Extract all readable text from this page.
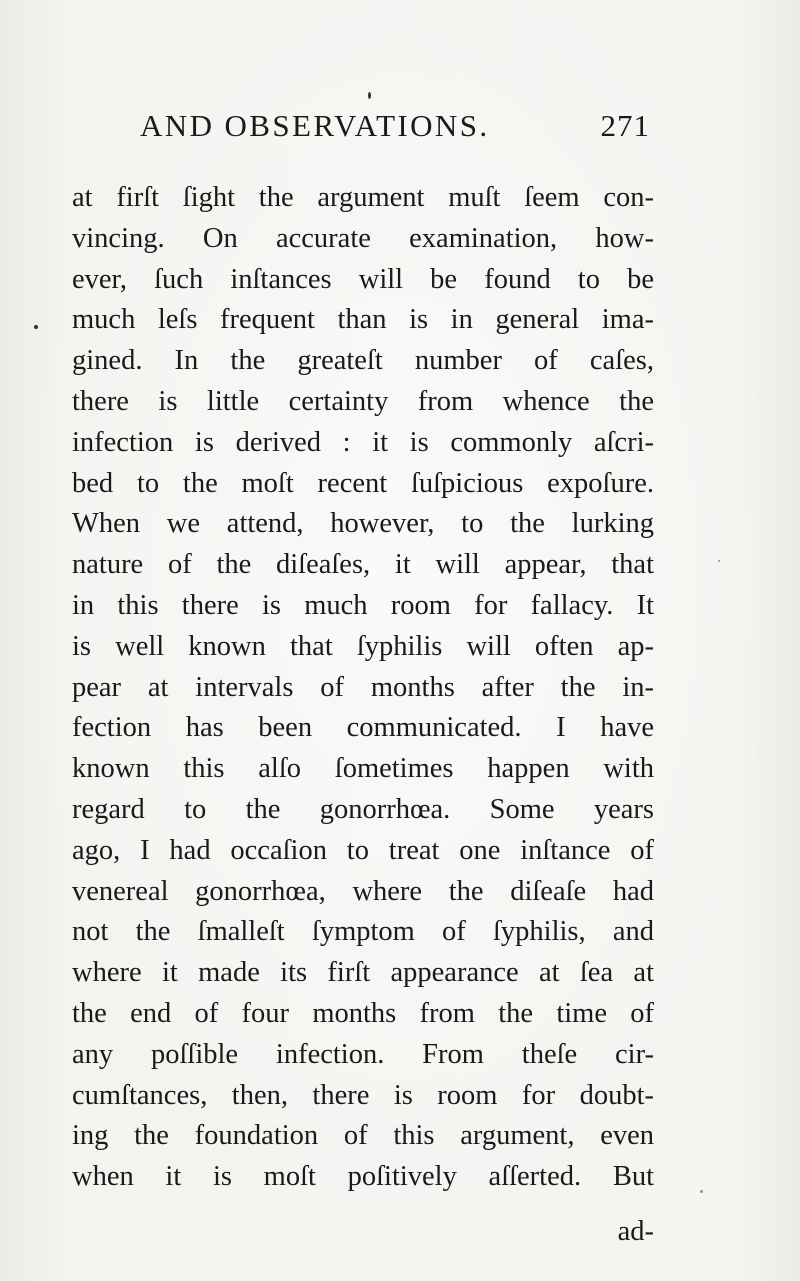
AND OBSERVATIONS.	271
at firſt ſight the argument muſt ſeem con-
vincing. On accurate examination, how-
ever, ſuch inſtances will be found to be
much leſs frequent than is in general ima-
gined. In the greateſt number of caſes,
there is little certainty from whence the
infection is derived : it is commonly aſcri-
bed to the moſt recent ſuſpicious expoſure.
When we attend, however, to the lurking
nature of the diſeaſes, it will appear, that
in this there is much room for fallacy. It
is well known that ſyphilis will often ap-
pear at intervals of months after the in-
fection has been communicated. I have
known this alſo ſometimes happen with
regard to the gonorrhœa. Some years
ago, I had occaſion to treat one inſtance of
venereal gonorrhœa, where the diſeaſe had
not the ſmalleſt ſymptom of ſyphilis, and
where it made its firſt appearance at ſea at
the end of four months from the time of
any poſſible infection. From theſe cir-
cumſtances, then, there is room for doubt-
ing the foundation of this argument, even
when it is moſt poſitively aſſerted. But
ad-
